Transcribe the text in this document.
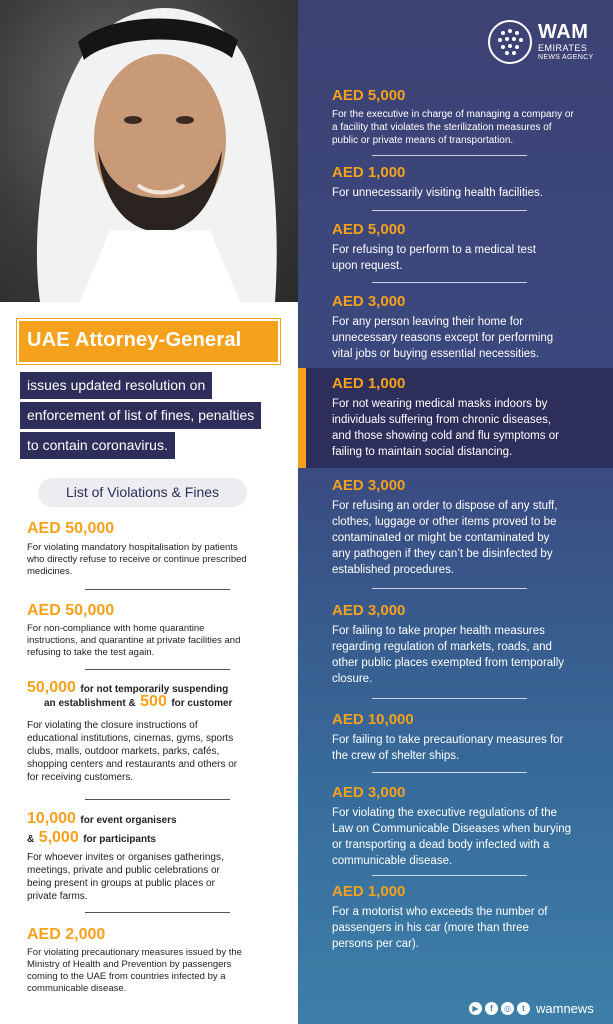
UAE Attorney-General
issues updated resolution on
enforcement of list of fines, penalties
to contain coronavirus.
List of Violations & Fines
AED 50,000
For violating mandatory hospitalisation by patients
who directly refuse to receive or continue prescribed
medicines.
AED 50,000
For non-compliance with home quarantine
instructions, and quarantine at private facilities and
refusing to take the test again.
50,000 for not temporarily suspending
an establishment & 500 for customer
For violating the closure instructions of
educational institutions, cinemas, gyms, sports
clubs, malls, outdoor markets, parks, cafés,
shopping centers and restaurants and others or
for receiving customers.
10,000 for event organisers
& 5,000 for participants
For whoever invites or organises gatherings,
meetings, private and public celebrations or
being present in groups at public places or
private farms.
AED 2,000
For violating precautionary measures issued by the
Ministry of Health and Prevention by passengers
coming to the UAE from countries infected by a
communicable disease.
AED 5,000
For the executive in charge of managing a company or
a facility that violates the sterilization measures of
public or private means of transportation.
AED 1,000
For unnecessarily visiting health facilities.
AED 5,000
For refusing to perform to a medical test
upon request.
AED 3,000
For any person leaving their home for
unnecessary reasons except for performing
vital jobs or buying essential necessities.
AED 1,000
For not wearing medical masks indoors by
individuals suffering from chronic diseases,
and those showing cold and flu symptoms or
failing to maintain social distancing.
AED 3,000
For refusing an order to dispose of any stuff,
clothes, luggage or other items proved to be
contaminated or might be contaminated by
any pathogen if they can’t be disinfected by
established procedures.
AED 3,000
For failing to take proper health measures
regarding regulation of markets, roads, and
other public places exempted from temporally
closure.
AED 10,000
For failing to take precautionary measures for
the crew of shelter ships.
AED 3,000
For violating the executive regulations of the
Law on Communicable Diseases when burying
or transporting a dead body infected with a
communicable disease.
AED 1,000
For a motorist who exceeds the number of
passengers in his car (more than three
persons per car).
WAM
EMIRATES
NEWS AGENCY
▶	f	◎	t wamnews
